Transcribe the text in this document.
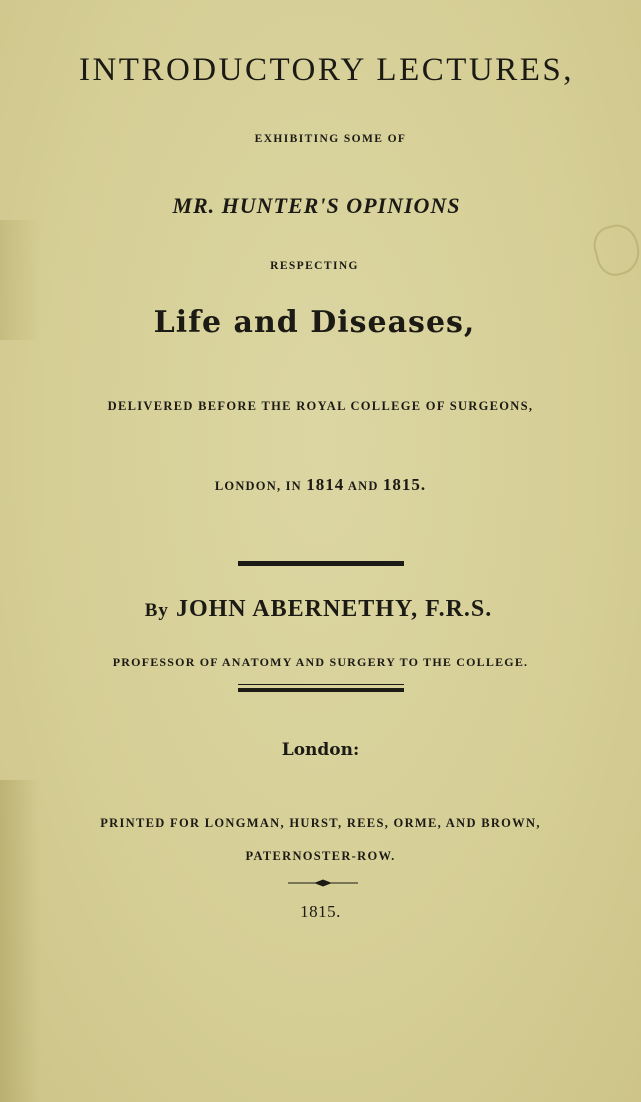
INTRODUCTORY LECTURES,
EXHIBITING SOME OF
MR. HUNTER'S OPINIONS
RESPECTING
Life and Diseases,
DELIVERED BEFORE THE ROYAL COLLEGE OF SURGEONS,
LONDON, IN 1814 AND 1815.
By JOHN ABERNETHY, F.R.S.
PROFESSOR OF ANATOMY AND SURGERY TO THE COLLEGE.
London:
PRINTED FOR LONGMAN, HURST, REES, ORME, AND BROWN,
PATERNOSTER-ROW.
1815.
